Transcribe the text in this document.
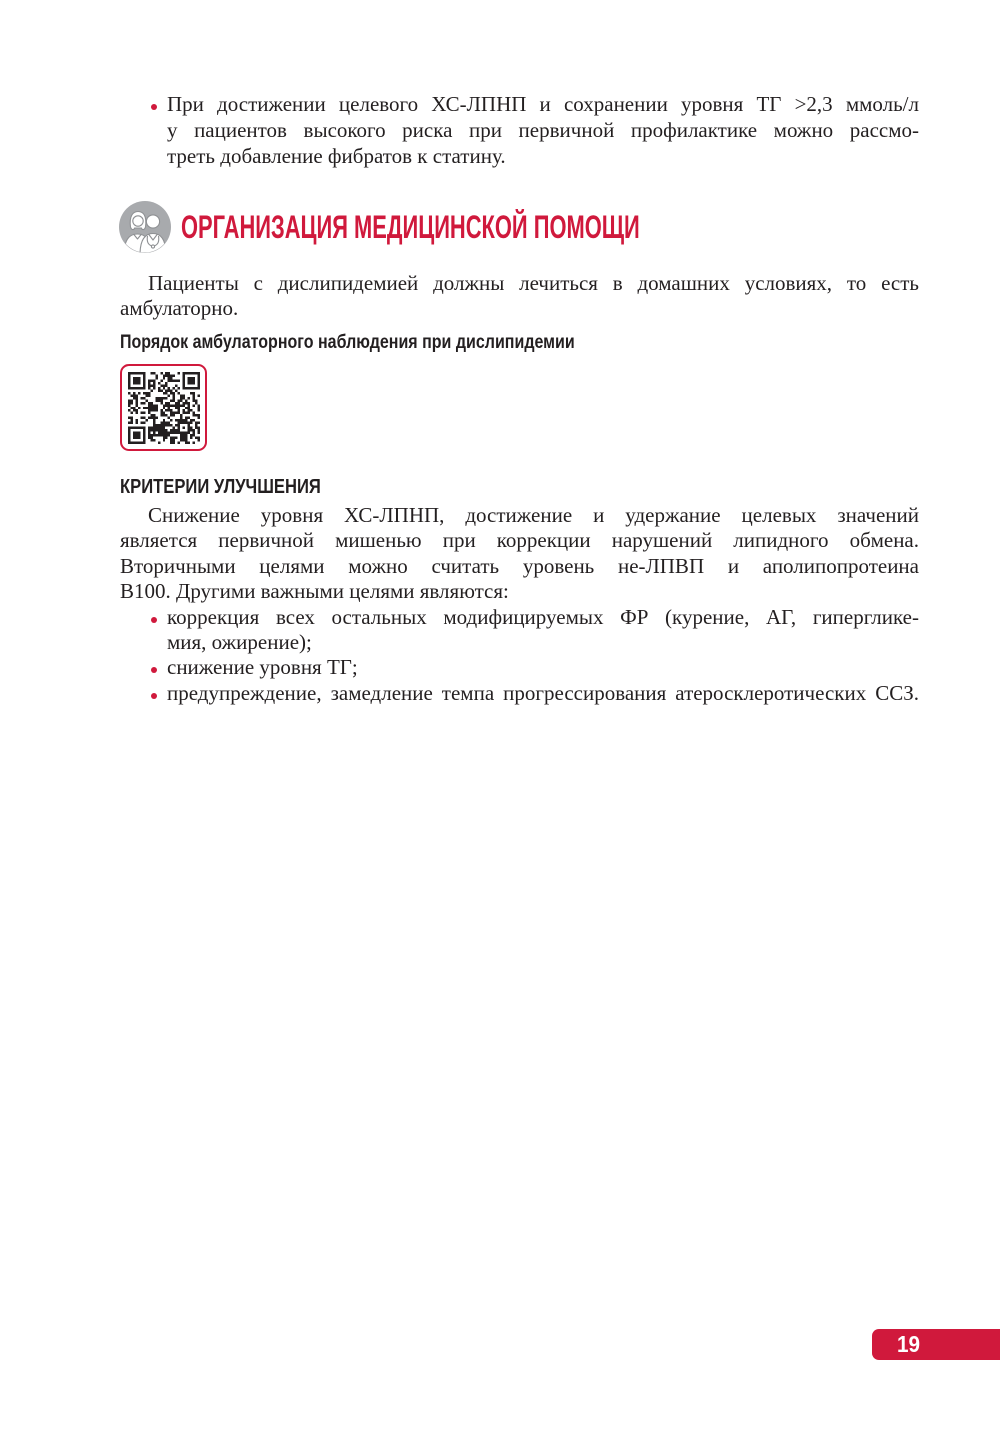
При достижении целевого ХС-ЛПНП и сохранении уровня ТГ >2,3 ммоль/л
у пациентов высокого риска при первичной профилактике можно рассмо-
треть добавление фибратов к статину.
ОРГАНИЗАЦИЯ МЕДИЦИНСКОЙ ПОМОЩИ
Пациенты с дислипидемией должны лечиться в домашних условиях, то есть
амбулаторно.
Порядок амбулаторного наблюдения при дислипидемии
КРИТЕРИИ УЛУЧШЕНИЯ
Снижение уровня ХС-ЛПНП, достижение и удержание целевых значений
является первичной мишенью при коррекции нарушений липидного обмена.
Вторичными целями можно считать уровень не-ЛПВП и аполипопротеина
В100. Другими важными целями являются:
коррекция всех остальных модифицируемых ФР (курение, АГ, гиперглике-
мия, ожирение);
снижение уровня ТГ;
предупреждение, замедление темпа прогрессирования атеросклеротических ССЗ.
19
